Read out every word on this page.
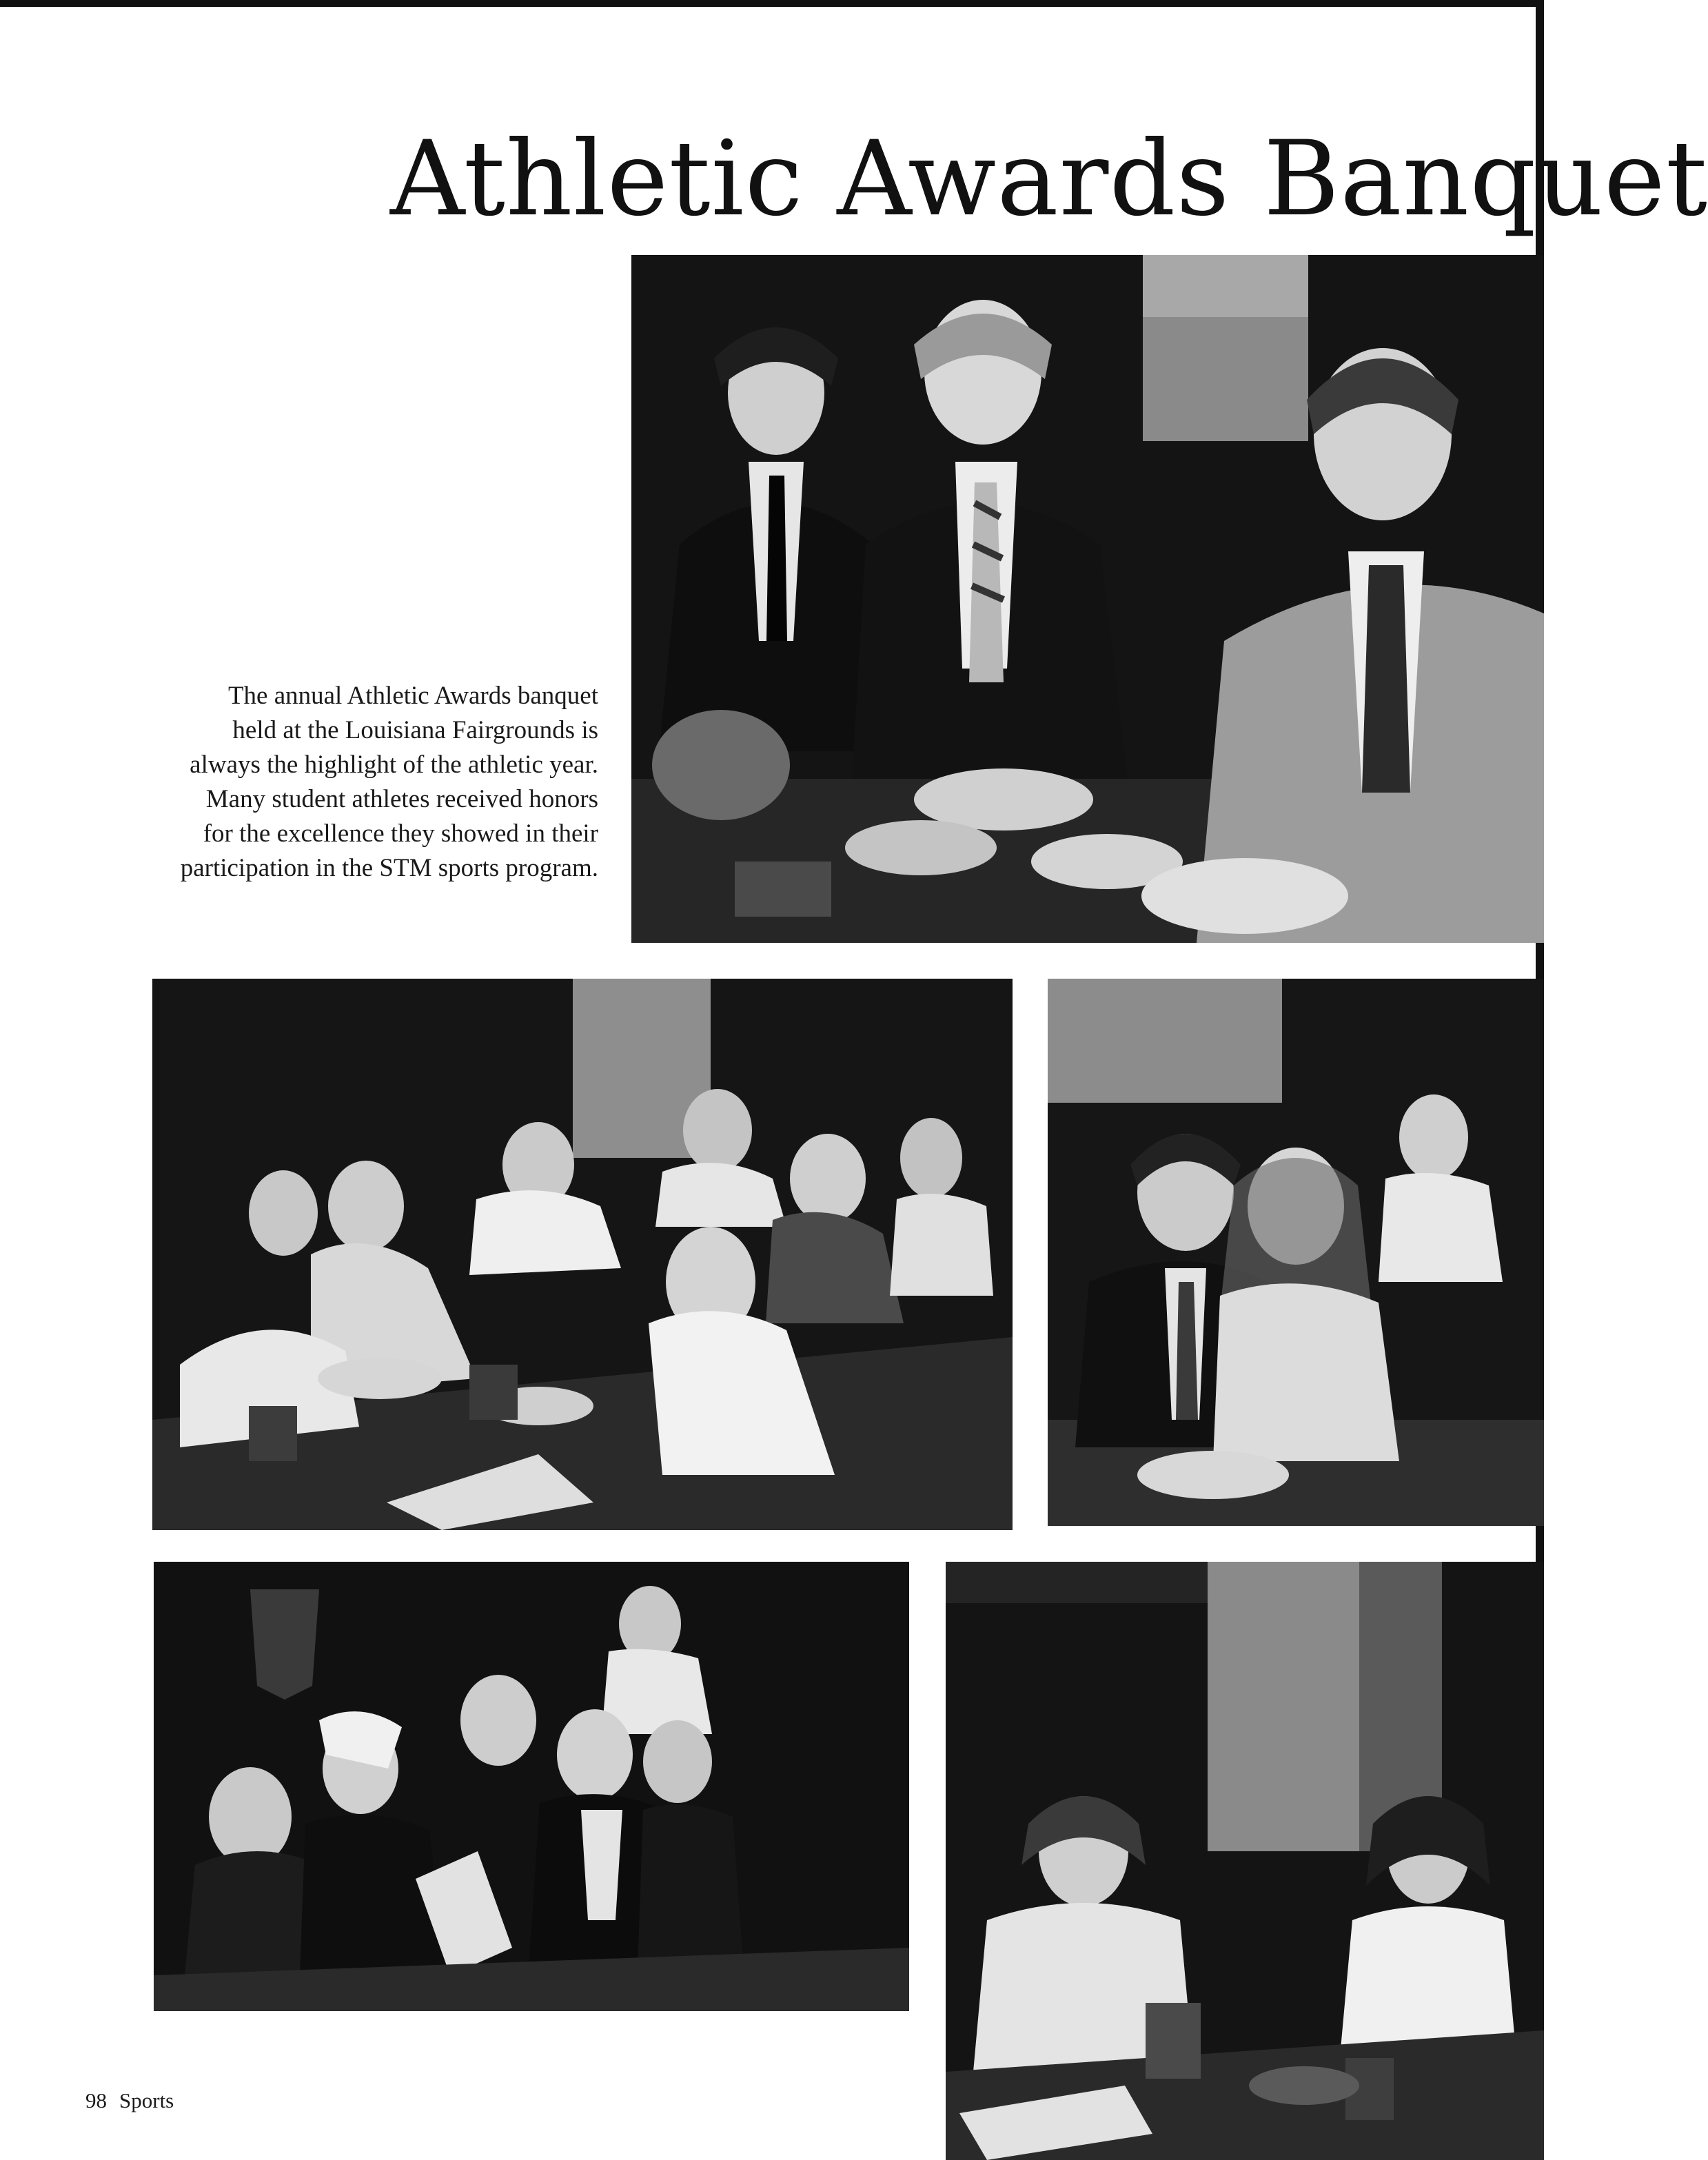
Athletic Awards Banquet

The annual Athletic Awards banquet held at the Louisiana Fairgrounds is always the highlight of the athletic year. Many student athletes received honors for the excellence they showed in their participation in the STM sports program.

98 Sports
